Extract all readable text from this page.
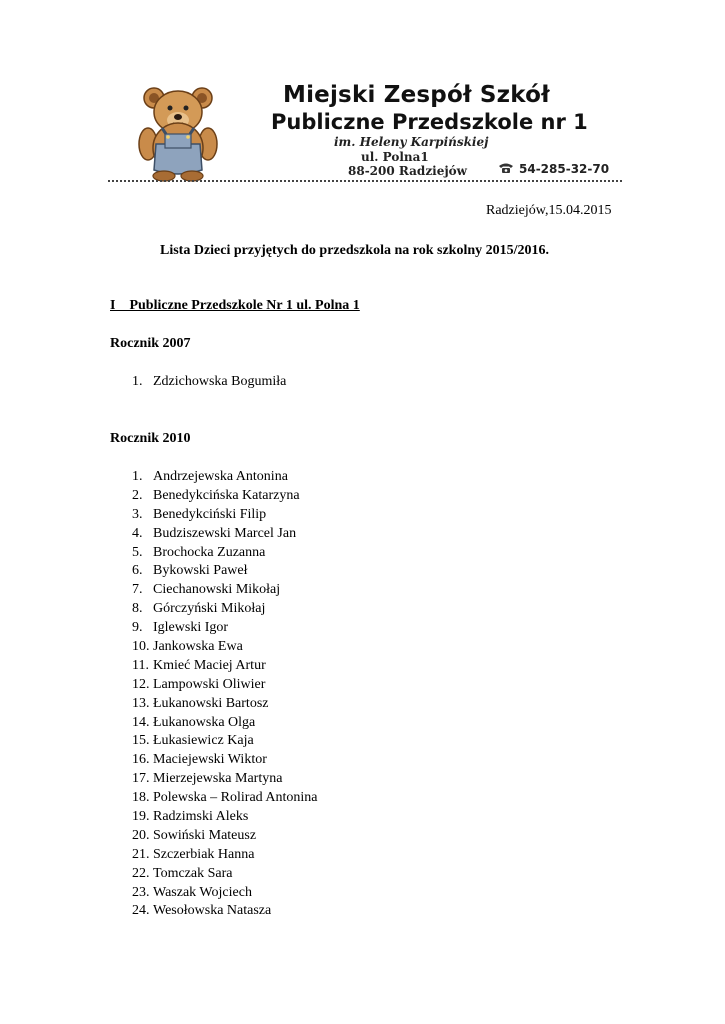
Miejski Zespół Szkół
Publiczne Przedszkole nr 1
im. Heleny Karpińskiej
ul. Polna1
88-200 Radziejów	54-285-32-70
Radziejów,15.04.2015
Lista Dzieci przyjętych do przedszkola na rok szkolny 2015/2016.
I    Publiczne Przedszkole Nr 1 ul. Polna 1
Rocznik 2007
1. Zdzichowska Bogumiła
Rocznik 2010
1. Andrzejewska Antonina
2. Benedykcińska Katarzyna
3. Benedykciński Filip
4. Budziszewski Marcel Jan
5. Brochocka Zuzanna
6. Bykowski Paweł
7. Ciechanowski Mikołaj
8. Górczyński Mikołaj
9. Iglewski Igor
10. Jankowska Ewa
11. Kmieć Maciej Artur
12. Lampowski Oliwier
13. Łukanowski Bartosz
14. Łukanowska Olga
15. Łukasiewicz Kaja
16. Maciejewski Wiktor
17. Mierzejewska Martyna
18. Polewska – Rolirad Antonina
19. Radzimski Aleks
20. Sowiński Mateusz
21. Szczerbiak Hanna
22. Tomczak Sara
23. Waszak Wojciech
24. Wesołowska Natasza
